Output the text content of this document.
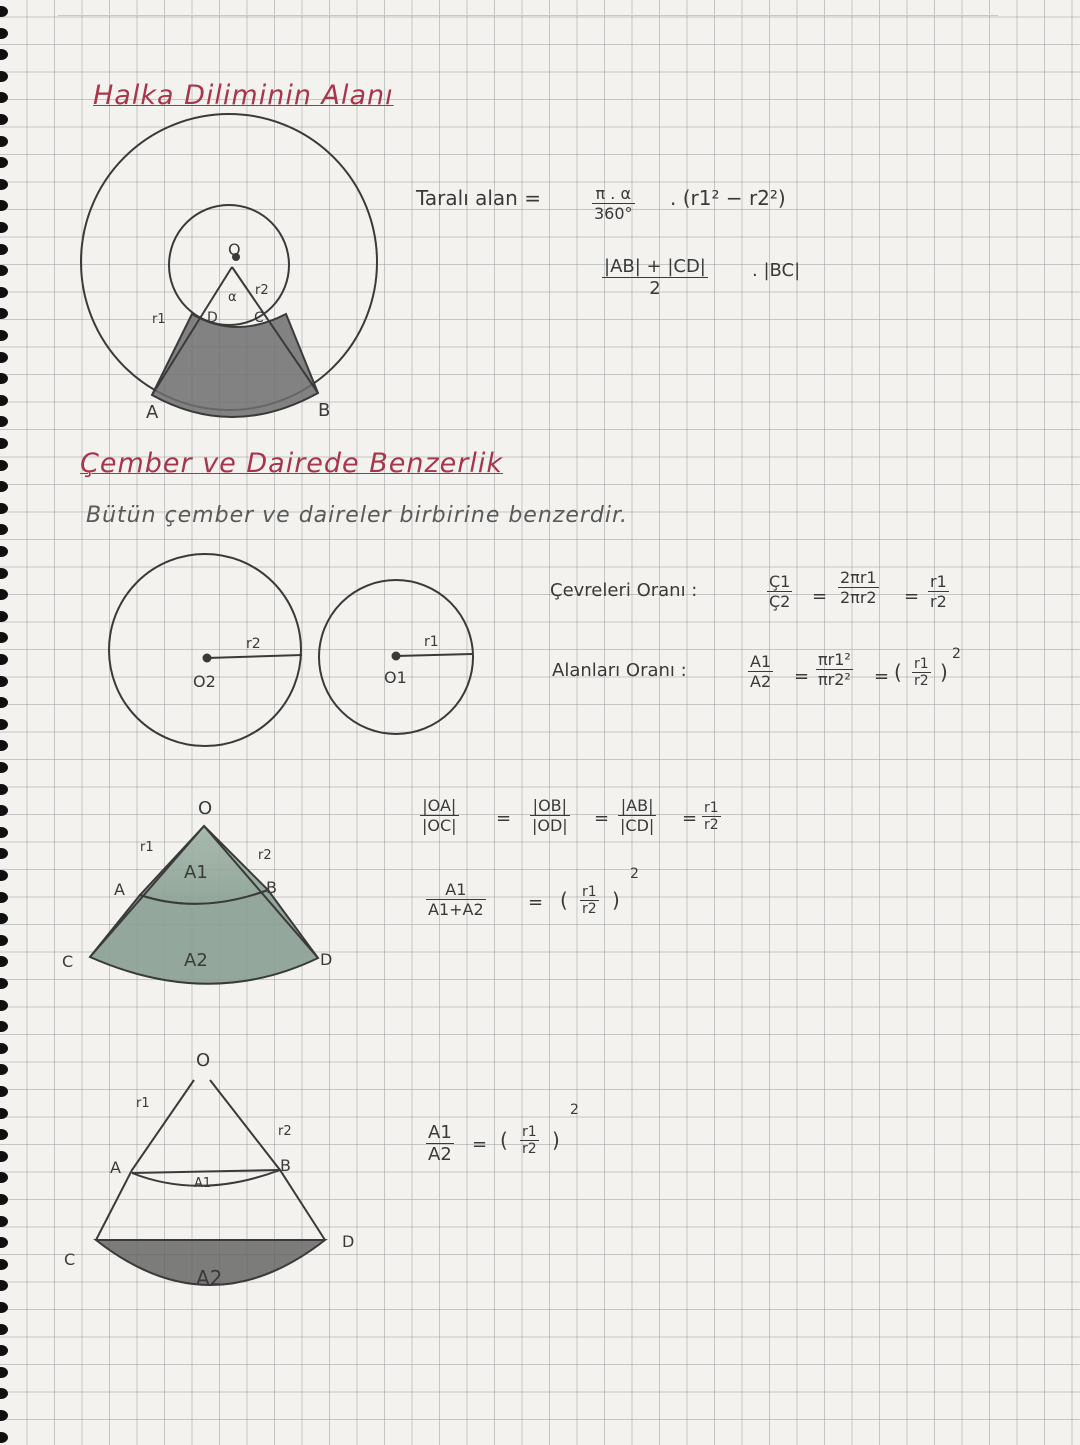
Halka Diliminin Alanı
O
α
D	C
r2
r1
A	B
Taralı alan =	$\frac{\pi . \alpha}{360^\circ}$ . (r1² − r2²)
$\frac{|AB| + |CD|}{2}$ . |BC|
Çember ve Dairede Benzerlik
Bütün çember ve daireler birbirine benzerdir.
O2	O1
r2	r1
Çevreleri Oranı :	$\frac{Ç1}{Ç2} = \frac{2\pi r1}{2\pi r2} = \frac{r1}{r2}$
Alanları Oranı :	$\frac{A1}{A2} = \frac{\text{πr1²}}{\text{πr2²}}$ = ( $\frac{r1}{r2}$ )
2
O
r1
r2
A	B
C	D
A1
A2
$\frac{|OA|}{|OC|} = \frac{|OB|}{|OD|} = \frac{|AB|}{|CD|} = \frac{r1}{r2}$
$\frac{A1}{A1+A2}$ = ( $\frac{r1}{r2}$ )
2
O
r1
r2
A	B
C
D
A1
A2
$\frac{A1}{A2}$ = ( $\frac{r1}{r2}$ )
2
